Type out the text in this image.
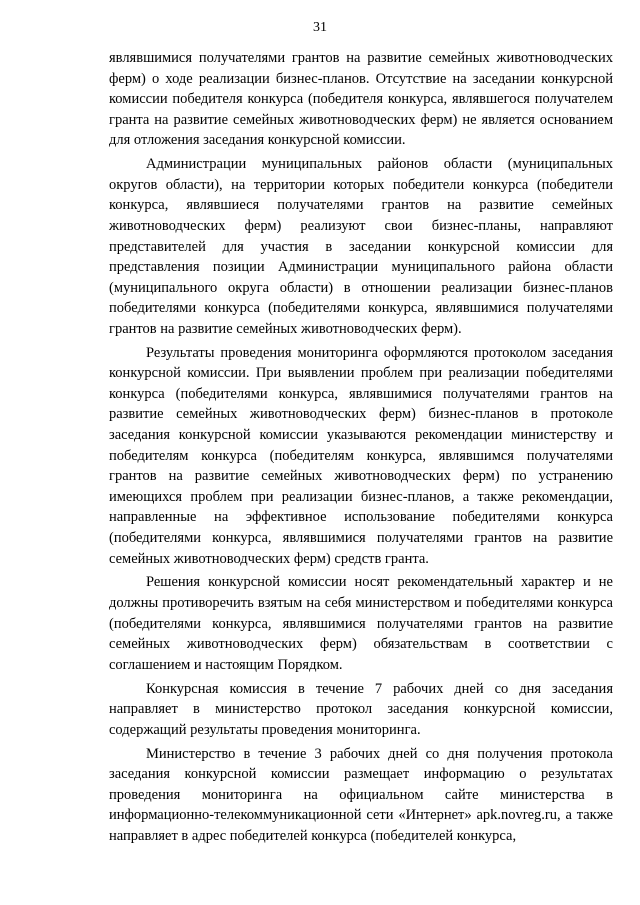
31

являвшимися получателями грантов на развитие семейных животноводческих ферм) о ходе реализации бизнес-планов. Отсутствие на заседании конкурсной комиссии победителя конкурса (победителя конкурса, являвшегося получателем гранта на развитие семейных животноводческих ферм) не является основанием для отложения заседания конкурсной комиссии.

Администрации муниципальных районов области (муниципальных округов области), на территории которых победители конкурса (победители конкурса, являвшиеся получателями грантов на развитие семейных животноводческих ферм) реализуют свои бизнес-планы, направляют представителей для участия в заседании конкурсной комиссии для представления позиции Администрации муниципального района области (муниципального округа области) в отношении реализации бизнес-планов победителями конкурса (победителями конкурса, являвшимися получателями грантов на развитие семейных животноводческих ферм).

Результаты проведения мониторинга оформляются протоколом заседания конкурсной комиссии. При выявлении проблем при реализации победителями конкурса (победителями конкурса, являвшимися получателями грантов на развитие семейных животноводческих ферм) бизнес-планов в протоколе заседания конкурсной комиссии указываются рекомендации министерству и победителям конкурса (победителям конкурса, являвшимся получателями грантов на развитие семейных животноводческих ферм) по устранению имеющихся проблем при реализации бизнес-планов, а также рекомендации, направленные на эффективное использование победителями конкурса (победителями конкурса, являвшимися получателями грантов на развитие семейных животноводческих ферм) средств гранта.

Решения конкурсной комиссии носят рекомендательный характер и не должны противоречить взятым на себя министерством и победителями конкурса (победителями конкурса, являвшимися получателями грантов на развитие семейных животноводческих ферм) обязательствам в соответствии с соглашением и настоящим Порядком.

Конкурсная комиссия в течение 7 рабочих дней со дня заседания направляет в министерство протокол заседания конкурсной комиссии, содержащий результаты проведения мониторинга.

Министерство в течение 3 рабочих дней со дня получения протокола заседания конкурсной комиссии размещает информацию о результатах проведения мониторинга на официальном сайте министерства в информационно-телекоммуникационной сети «Интернет» apk.novreg.ru, а также направляет в адрес победителей конкурса (победителей конкурса,
